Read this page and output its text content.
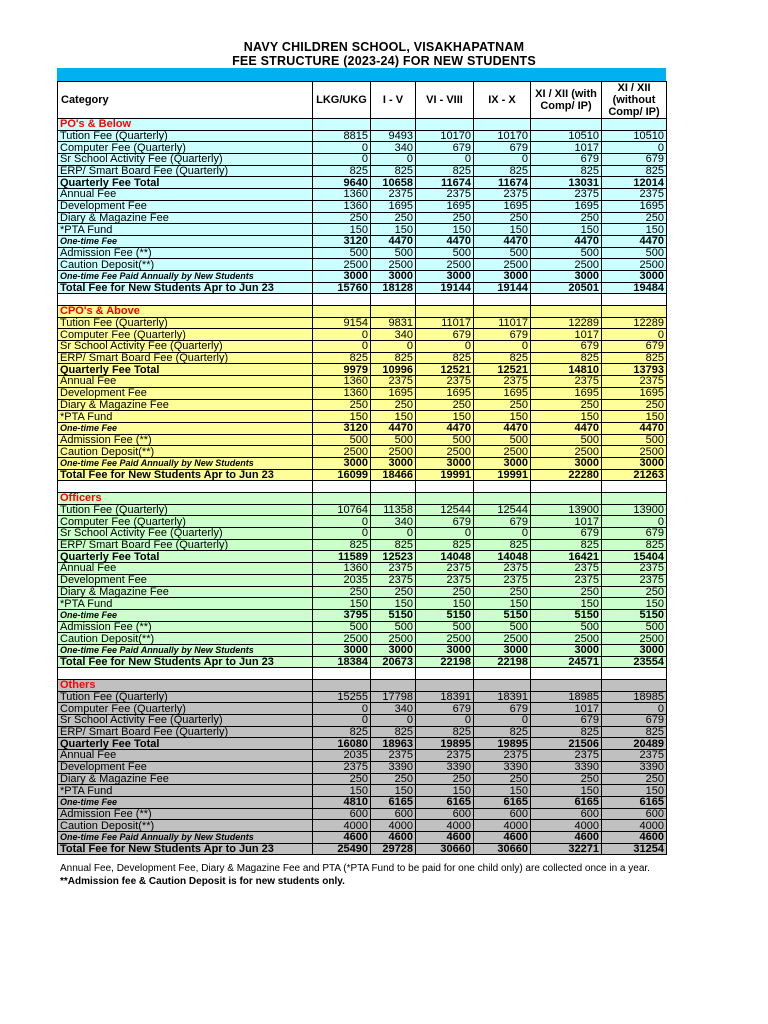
NAVY CHILDREN SCHOOL, VISAKHAPATNAM
FEE STRUCTURE (2023-24) FOR NEW STUDENTS
Category	LKG/UKG	I - V	VI - VIII	IX - X	XI / XII (with Comp/ IP)	XI / XII (without Comp/ IP)
PO's & Below						
Tution Fee (Quarterly)	8815	9493	10170	10170	10510	10510
Computer Fee (Quarterly)	0	340	679	679	1017	0
Sr School Activity Fee (Quarterly)	0	0	0	0	679	679
ERP/ Smart Board Fee (Quarterly)	825	825	825	825	825	825
Quarterly Fee Total	9640	10658	11674	11674	13031	12014
Annual Fee	1360	2375	2375	2375	2375	2375
Development Fee	1360	1695	1695	1695	1695	1695
Diary & Magazine Fee	250	250	250	250	250	250
*PTA Fund	150	150	150	150	150	150
One-time Fee	3120	4470	4470	4470	4470	4470
Admission Fee (**)	500	500	500	500	500	500
Caution Deposit(**)	2500	2500	2500	2500	2500	2500
One-time Fee Paid Annually by New Students	3000	3000	3000	3000	3000	3000
Total Fee for New Students Apr to Jun 23	15760	18128	19144	19144	20501	19484

CPO's & Above						
Tution Fee (Quarterly)	9154	9831	11017	11017	12289	12289
Computer Fee (Quarterly)	0	340	679	679	1017	0
Sr School Activity Fee (Quarterly)	0	0	0	0	679	679
ERP/ Smart Board Fee (Quarterly)	825	825	825	825	825	825
Quarterly Fee Total	9979	10996	12521	12521	14810	13793
Annual Fee	1360	2375	2375	2375	2375	2375
Development Fee	1360	1695	1695	1695	1695	1695
Diary & Magazine Fee	250	250	250	250	250	250
*PTA Fund	150	150	150	150	150	150
One-time Fee	3120	4470	4470	4470	4470	4470
Admission Fee (**)	500	500	500	500	500	500
Caution Deposit(**)	2500	2500	2500	2500	2500	2500
One-time Fee Paid Annually by New Students	3000	3000	3000	3000	3000	3000
Total Fee for New Students Apr to Jun 23	16099	18466	19991	19991	22280	21263

Officers						
Tution Fee (Quarterly)	10764	11358	12544	12544	13900	13900
Computer Fee (Quarterly)	0	340	679	679	1017	0
Sr School Activity Fee (Quarterly)	0	0	0	0	679	679
ERP/ Smart Board Fee (Quarterly)	825	825	825	825	825	825
Quarterly Fee Total	11589	12523	14048	14048	16421	15404
Annual Fee	1360	2375	2375	2375	2375	2375
Development Fee	2035	2375	2375	2375	2375	2375
Diary & Magazine Fee	250	250	250	250	250	250
*PTA Fund	150	150	150	150	150	150
One-time Fee	3795	5150	5150	5150	5150	5150
Admission Fee (**)	500	500	500	500	500	500
Caution Deposit(**)	2500	2500	2500	2500	2500	2500
One-time Fee Paid Annually by New Students	3000	3000	3000	3000	3000	3000
Total Fee for New Students Apr to Jun 23	18384	20673	22198	22198	24571	23554

Others						
Tution Fee (Quarterly)	15255	17798	18391	18391	18985	18985
Computer Fee (Quarterly)	0	340	679	679	1017	0
Sr School Activity Fee (Quarterly)	0	0	0	0	679	679
ERP/ Smart Board Fee (Quarterly)	825	825	825	825	825	825
Quarterly Fee Total	16080	18963	19895	19895	21506	20489
Annual Fee	2035	2375	2375	2375	2375	2375
Development Fee	2375	3390	3390	3390	3390	3390
Diary & Magazine Fee	250	250	250	250	250	250
*PTA Fund	150	150	150	150	150	150
One-time Fee	4810	6165	6165	6165	6165	6165
Admission Fee (**)	600	600	600	600	600	600
Caution Deposit(**)	4000	4000	4000	4000	4000	4000
One-time Fee Paid Annually by New Students	4600	4600	4600	4600	4600	4600
Total Fee for New Students Apr to Jun 23	25490	29728	30660	30660	32271	31254
Annual Fee, Development Fee, Diary & Magazine Fee and PTA (*PTA Fund to be paid for one child only) are collected once in a year.
**Admission fee & Caution Deposit is for new students only.
